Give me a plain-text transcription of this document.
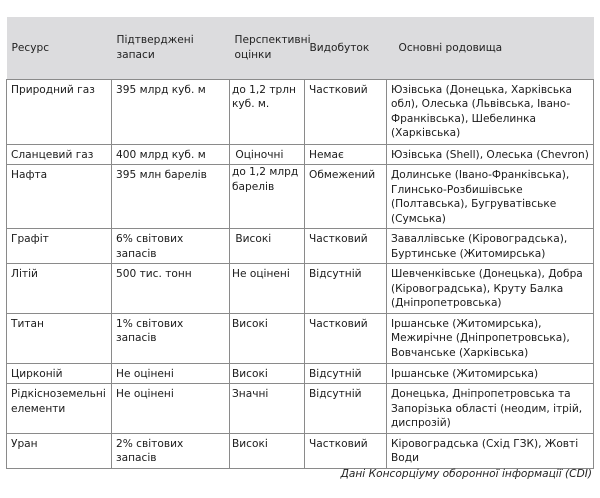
Ресурс	Підтверджені запаси	Перспективні оцінки	Видобуток	Основні родовища
Природний газ	395 млрд куб. м	до 1,2 трлн куб. м.	Частковий	Юзівська (Донецька, Харківська обл), Олеська (Львівська, Івано-Франківська), Шебелинка (Харківська)
Сланцевий газ	400 млрд куб. м	Оціночні	Немає	Юзівська (Shell), Олеська (Chevron)
Нафта	395 млн барелів	до 1,2 млрд барелів	Обмежений	Долинське (Івано-Франківська), Глинсько-Розбишівське (Полтавська), Бугруватівське (Сумська)
Графіт	6% світових запасів	Високі	Частковий	Заваллівське (Кіровоградська), Буртинське (Житомирська)
Літій	500 тис. тонн	Не оцінені	Відсутній	Шевченківське (Донецька), Добра (Кіровоградська), Круту Балка (Дніпропетровська)
Титан	1% світових запасів	Високі	Частковий	Іршанське (Житомирська), Межирічне (Дніпропетровська), Вовчанське (Харківська)
Цирконій	Не оцінені	Високі	Відсутній	Іршанське (Житомирська)
Рідкісноземельні елементи	Не оцінені	Значні	Відсутній	Донецька, Дніпропетровська та Запорізька області (неодим, ітрій, диспрозій)
Уран	2% світових запасів	Високі	Частковий	Кіровоградська (Схід ГЗК), Жовті Води
Дані Консорціуму оборонної інформації (CDI)
